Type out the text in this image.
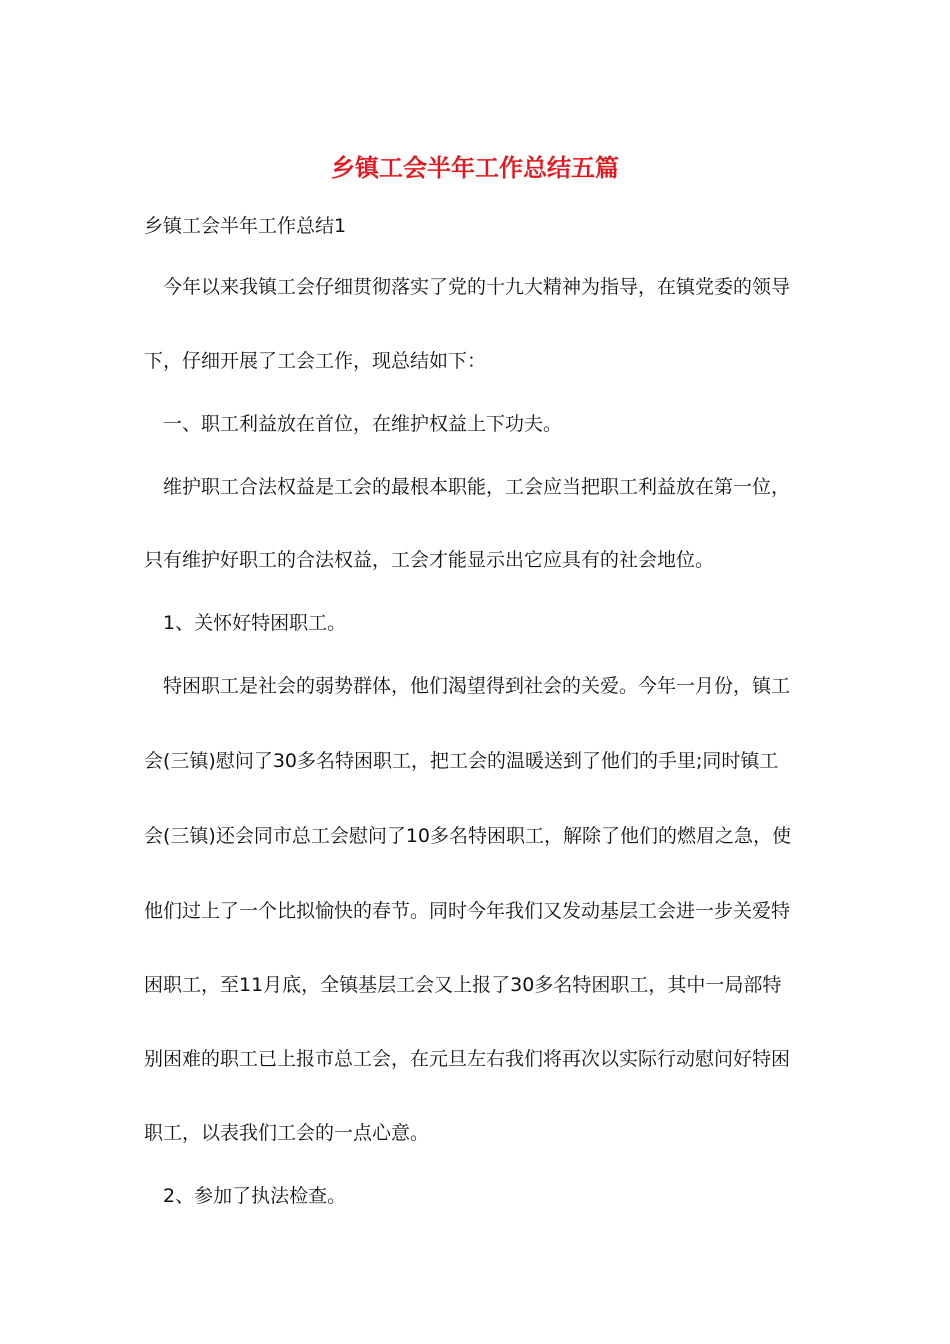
乡镇工会半年工作总结五篇

乡镇工会半年工作总结1

今年以来我镇工会仔细贯彻落实了党的十九大精神为指导，在镇党委的领导

下，仔细开展了工会工作，现总结如下：

一、职工利益放在首位，在维护权益上下功夫。

维护职工合法权益是工会的最根本职能，工会应当把职工利益放在第一位，

只有维护好职工的合法权益，工会才能显示出它应具有的社会地位。

1、关怀好特困职工。

特困职工是社会的弱势群体，他们渴望得到社会的关爱。今年一月份，镇工

会(三镇)慰问了30多名特困职工，把工会的温暖送到了他们的手里;同时镇工

会(三镇)还会同市总工会慰问了10多名特困职工，解除了他们的燃眉之急，使

他们过上了一个比拟愉快的春节。同时今年我们又发动基层工会进一步关爱特

困职工，至11月底，全镇基层工会又上报了30多名特困职工，其中一局部特

别困难的职工已上报市总工会，在元旦左右我们将再次以实际行动慰问好特困

职工，以表我们工会的一点心意。

2、参加了执法检查。
